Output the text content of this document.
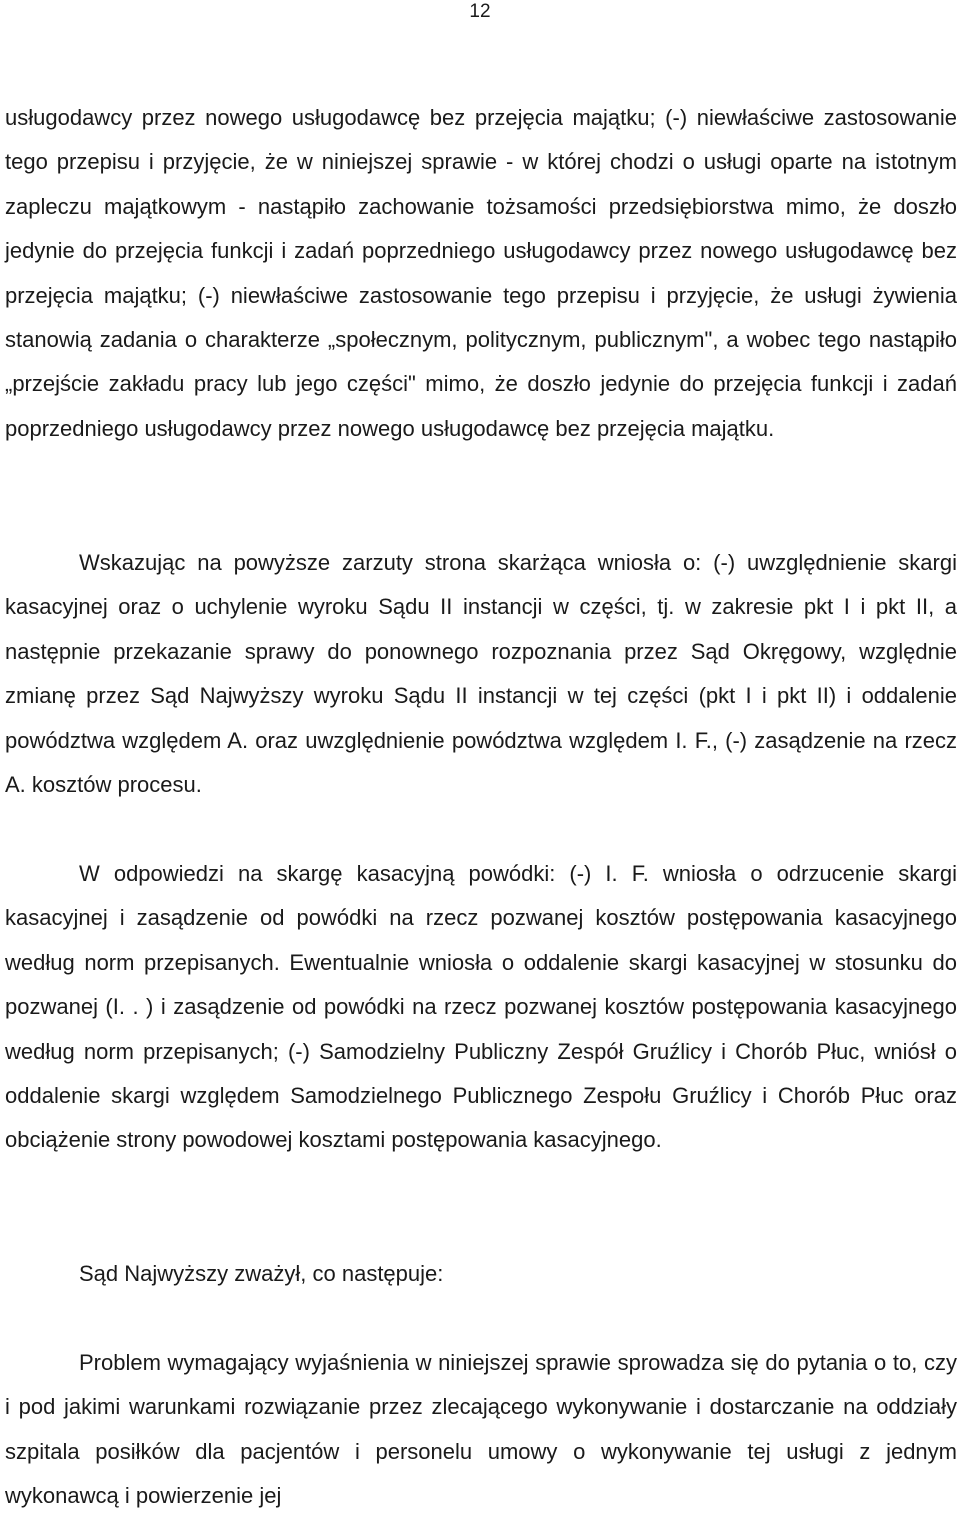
12

usługodawcy przez nowego usługodawcę bez przejęcia majątku; (-) niewłaściwe zastosowanie tego przepisu i przyjęcie, że w niniejszej sprawie - w której chodzi o usługi oparte na istotnym zapleczu majątkowym - nastąpiło zachowanie tożsamości przedsiębiorstwa mimo, że doszło jedynie do przejęcia funkcji i zadań poprzedniego usługodawcy przez nowego usługodawcę bez przejęcia majątku; (-) niewłaściwe zastosowanie tego przepisu i przyjęcie, że usługi żywienia stanowią zadania o charakterze „społecznym, politycznym, publicznym", a wobec tego nastąpiło „przejście zakładu pracy lub jego części" mimo, że doszło jedynie do przejęcia funkcji i zadań poprzedniego usługodawcy przez nowego usługodawcę bez przejęcia majątku.

Wskazując na powyższe zarzuty strona skarżąca wniosła o: (-) uwzględnienie skargi kasacyjnej oraz o uchylenie wyroku Sądu II instancji w części, tj. w zakresie pkt I i pkt II, a następnie przekazanie sprawy do ponownego rozpoznania przez Sąd Okręgowy, względnie zmianę przez Sąd Najwyższy wyroku Sądu II instancji w tej części (pkt I i pkt II) i oddalenie powództwa względem A. oraz uwzględnienie powództwa względem I. F., (-) zasądzenie na rzecz A. kosztów procesu.

W odpowiedzi na skargę kasacyjną powódki: (-) I. F. wniosła o odrzucenie skargi kasacyjnej i zasądzenie od powódki na rzecz pozwanej kosztów postępowania kasacyjnego według norm przepisanych. Ewentualnie wniosła o oddalenie skargi kasacyjnej w stosunku do pozwanej (I. . ) i zasądzenie od powódki na rzecz pozwanej kosztów postępowania kasacyjnego według norm przepisanych; (-) Samodzielny Publiczny Zespół Gruźlicy i Chorób Płuc, wniósł o oddalenie skargi względem Samodzielnego Publicznego Zespołu Gruźlicy i Chorób Płuc oraz obciążenie strony powodowej kosztami postępowania kasacyjnego.

Sąd Najwyższy zważył, co następuje:

Problem wymagający wyjaśnienia w niniejszej sprawie sprowadza się do pytania o to, czy i pod jakimi warunkami rozwiązanie przez zlecającego wykonywanie i dostarczanie na oddziały szpitala posiłków dla pacjentów i personelu umowy o wykonywanie tej usługi z jednym wykonawcą i powierzenie jej
